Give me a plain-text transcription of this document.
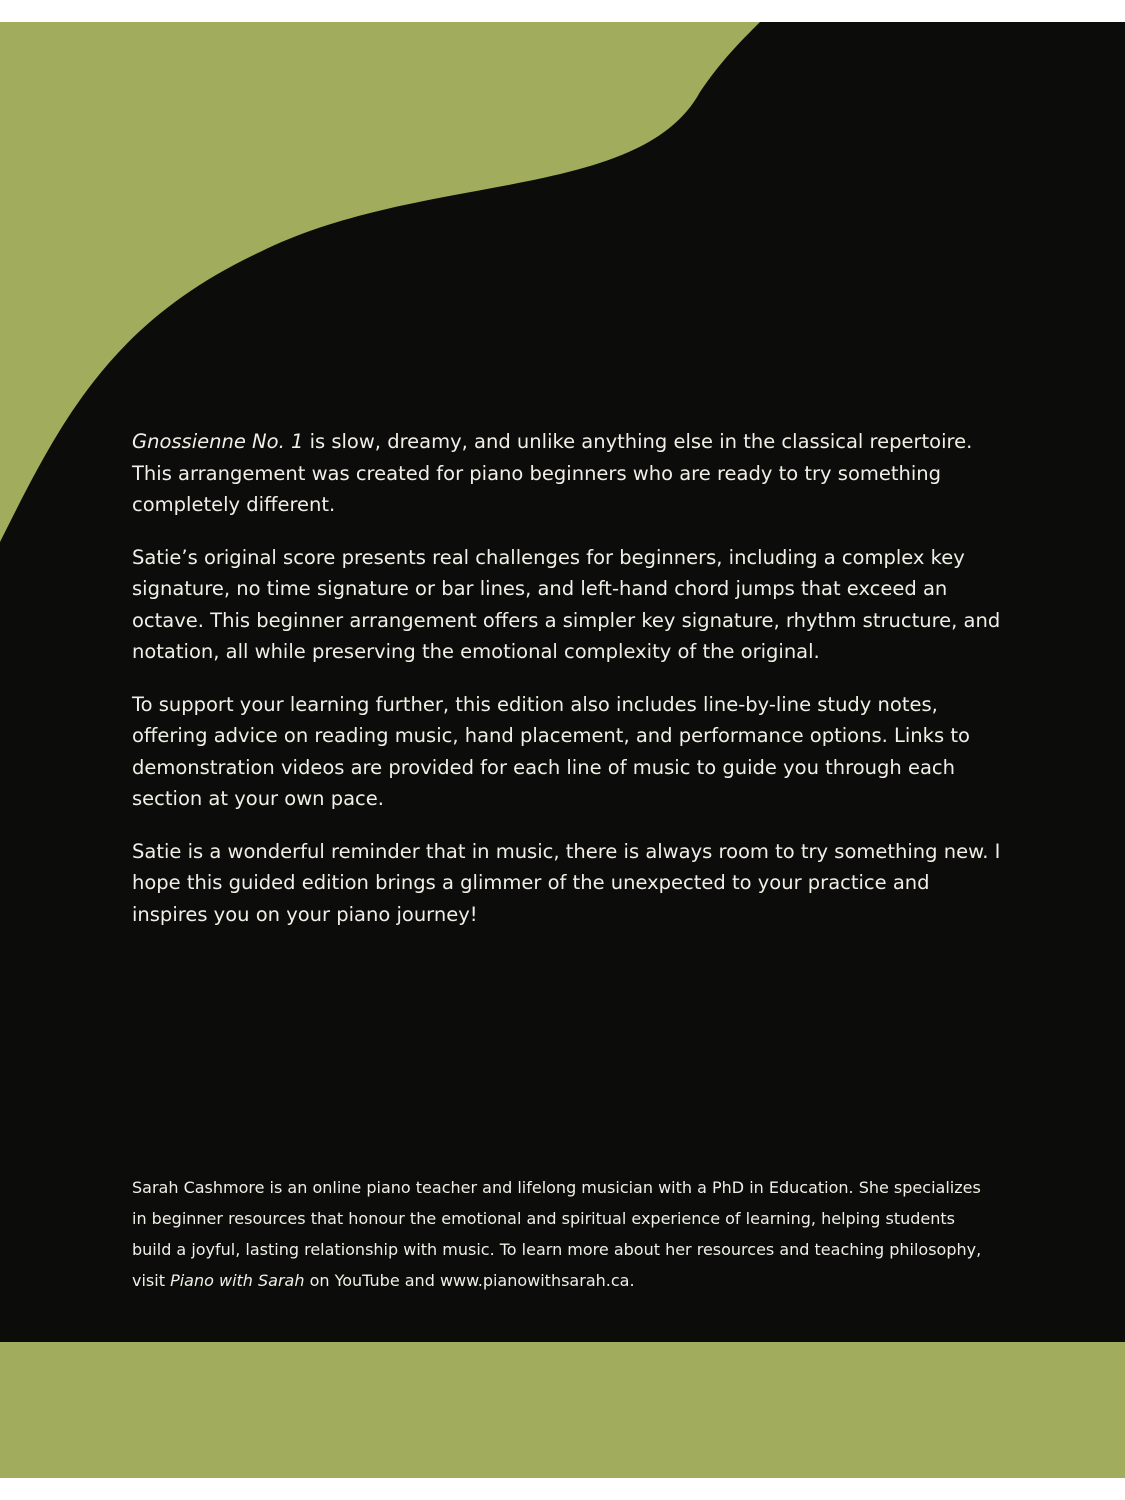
Gnossienne No. 1 is slow, dreamy, and unlike anything else in the classical repertoire. This arrangement was created for piano beginners who are ready to try something completely different.

Satie’s original score presents real challenges for beginners, including a complex key signature, no time signature or bar lines, and left-hand chord jumps that exceed an octave. This beginner arrangement offers a simpler key signature, rhythm structure, and notation, all while preserving the emotional complexity of the original.

To support your learning further, this edition also includes line-by-line study notes, offering advice on reading music, hand placement, and performance options. Links to demonstration videos are provided for each line of music to guide you through each section at your own pace.

Satie is a wonderful reminder that in music, there is always room to try something new. I hope this guided edition brings a glimmer of the unexpected to your practice and inspires you on your piano journey!

Sarah Cashmore is an online piano teacher and lifelong musician with a PhD in Education. She specializes in beginner resources that honour the emotional and spiritual experience of learning, helping students build a joyful, lasting relationship with music. To learn more about her resources and teaching philosophy, visit Piano with Sarah on YouTube and www.pianowithsarah.ca.
